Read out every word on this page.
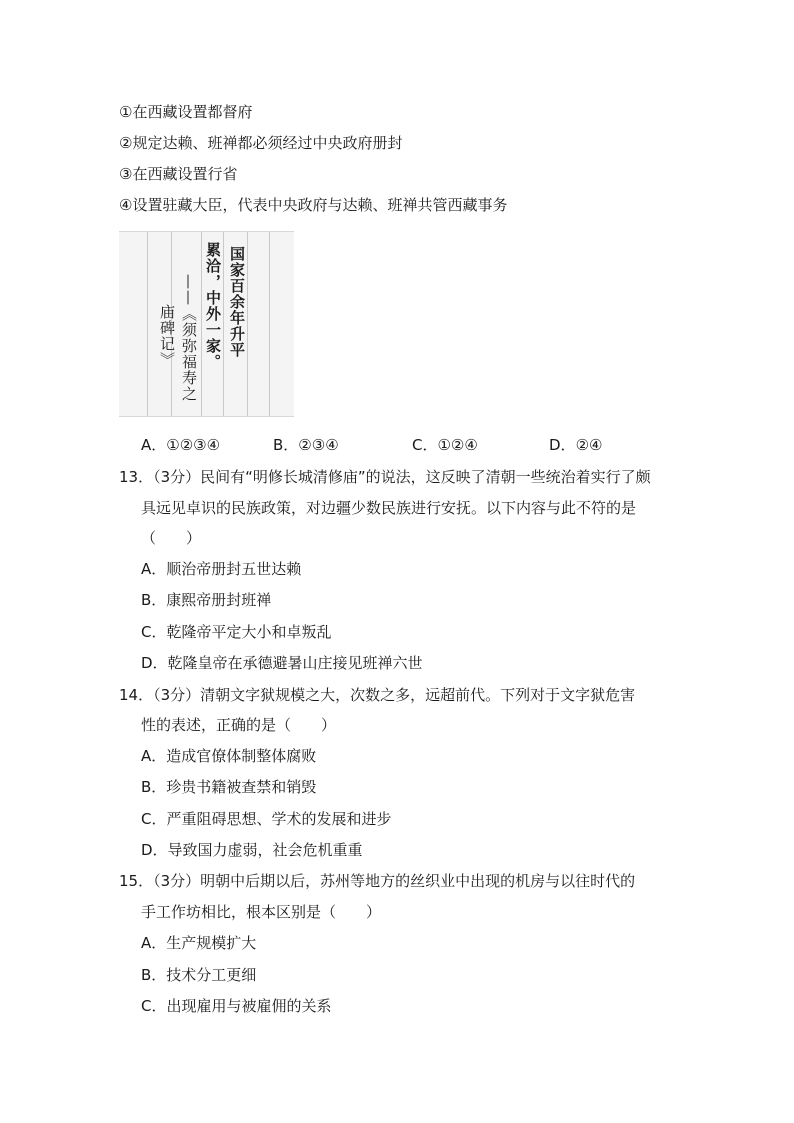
①在西藏设置都督府
②规定达赖、班禅都必须经过中央政府册封
③在西藏设置行省
④设置驻藏大臣，代表中央政府与达赖、班禅共管西藏事务
国家百余年升平
累洽，中外一家。
——《须弥福寿之
庙碑记》
A．①②③④	B．②③④	C．①②④	D．②④
13．（3分）民间有“明修长城清修庙”的说法，这反映了清朝一些统治着实行了颇
具远见卓识的民族政策，对边疆少数民族进行安抚。以下内容与此不符的是
（　　）
A．顺治帝册封五世达赖
B．康熙帝册封班禅
C．乾隆帝平定大小和卓叛乱
D．乾隆皇帝在承德避暑山庄接见班禅六世
14．（3分）清朝文字狱规模之大，次数之多，远超前代。下列对于文字狱危害
性的表述，正确的是（　　）
A．造成官僚体制整体腐败
B．珍贵书籍被查禁和销毁
C．严重阻碍思想、学术的发展和进步
D．导致国力虚弱，社会危机重重
15．（3分）明朝中后期以后，苏州等地方的丝织业中出现的机房与以往时代的
手工作坊相比，根本区别是（　　）
A．生产规模扩大
B．技术分工更细
C．出现雇用与被雇佣的关系
